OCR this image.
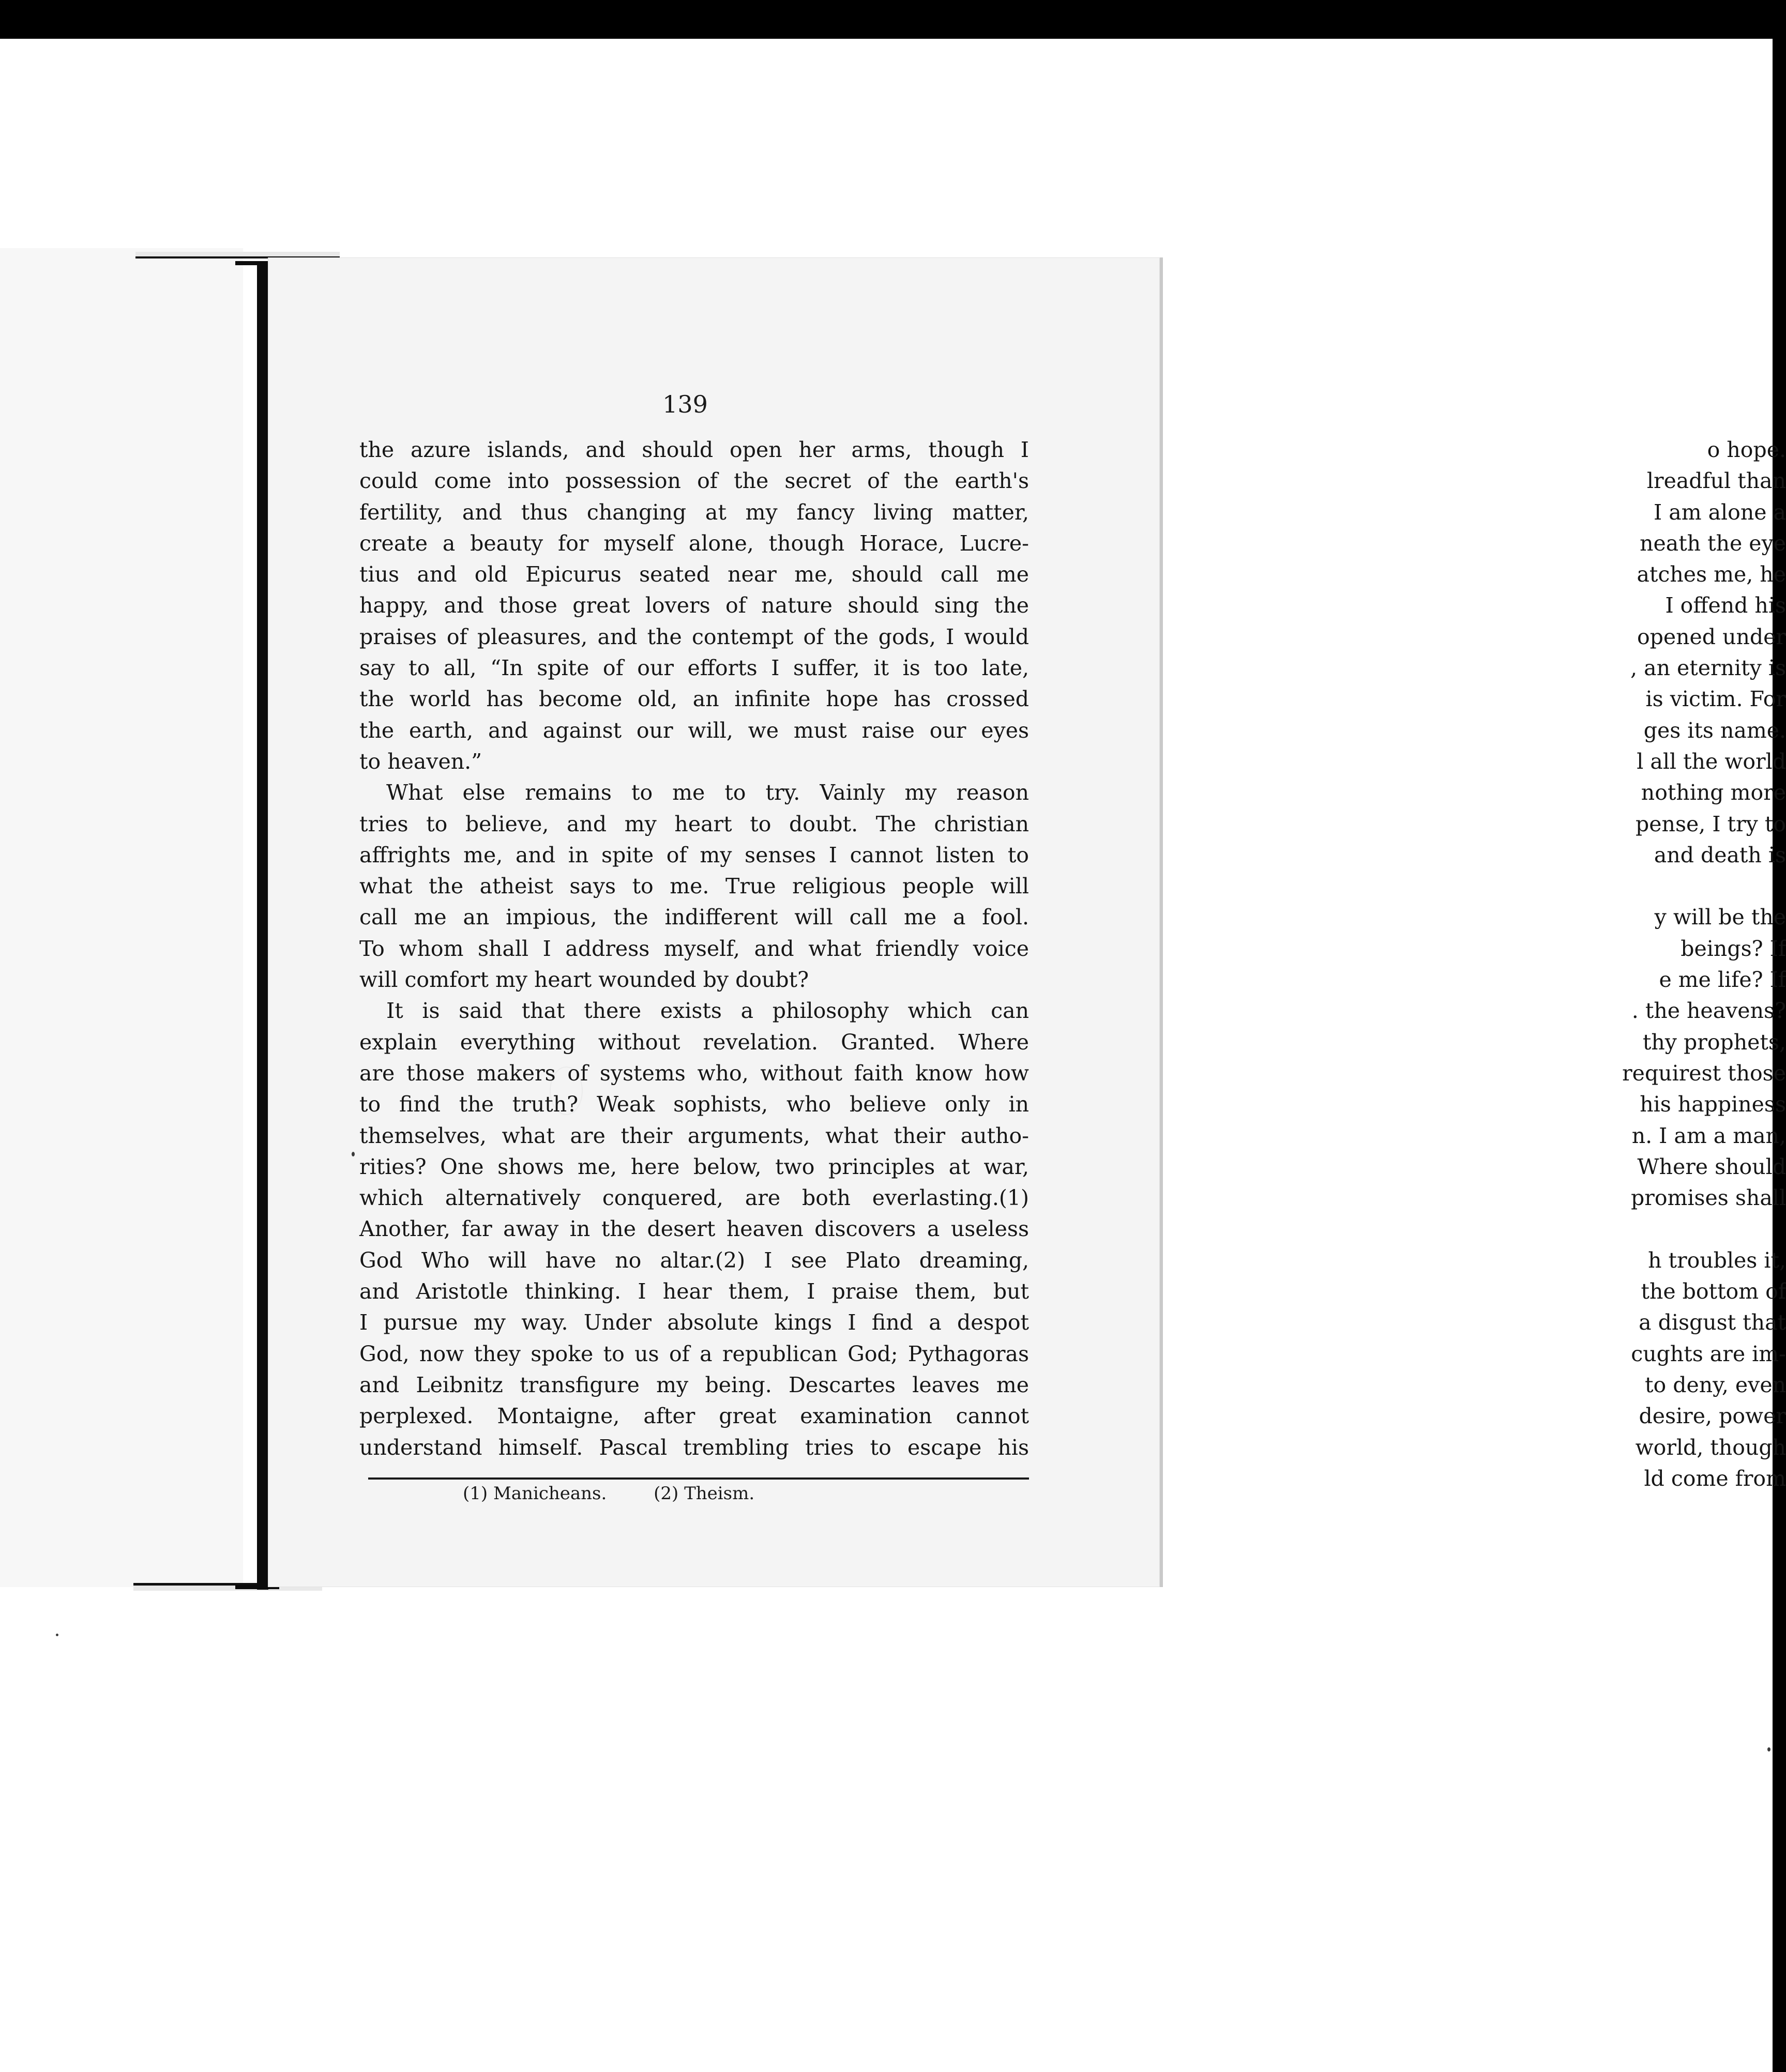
o hope.
lreadful than
I am alone a
neath the eye
atches me, he
I offend his
opened under
, an eternity is
is victim. For
ges its name.
l all the world
nothing more
pense, I try to
and death is
y will be the
beings? If
e me life? If
. the heavens?
thy prophets,
requirest those
his happiness
n. I am a man,
Where should
promises shall
h troubles it,
the bottom of
a disgust that
cughts are im-
to deny, even
desire, power
world, though
ld come from
139
the azure islands, and should open her arms, though I
could come into possession of the secret of the earth's
fertility, and thus changing at my fancy living matter,
create a beauty for myself alone, though Horace, Lucre-
tius and old Epicurus seated near me, should call me
happy, and those great lovers of nature should sing the
praises of pleasures, and the contempt of the gods, I would
say to all, “In spite of our efforts I suffer, it is too late,
the world has become old, an infinite hope has crossed
the earth, and against our will, we must raise our eyes
to heaven.”
What else remains to me to try. Vainly my reason
tries to believe, and my heart to doubt. The christian
affrights me, and in spite of my senses I cannot listen to
what the atheist says to me. True religious people will
call me an impious, the indifferent will call me a fool.
To whom shall I address myself, and what friendly voice
will comfort my heart wounded by doubt?
It is said that there exists a philosophy which can
explain everything without revelation. Granted. Where
are those makers of systems who, without faith know how
to find the truth? Weak sophists, who believe only in
themselves, what are their arguments, what their autho-
rities? One shows me, here below, two principles at war,
which alternatively conquered, are both everlasting.(1)
Another, far away in the desert heaven discovers a useless
God Who will have no altar.(2) I see Plato dreaming,
and Aristotle thinking. I hear them, I praise them, but
I pursue my way. Under absolute kings I find a despot
God, now they spoke to us of a republican God; Pythagoras
and Leibnitz transfigure my being. Descartes leaves me
perplexed. Montaigne, after great examination cannot
understand himself. Pascal trembling tries to escape his
(1) Manicheans.	(2) Theism.
